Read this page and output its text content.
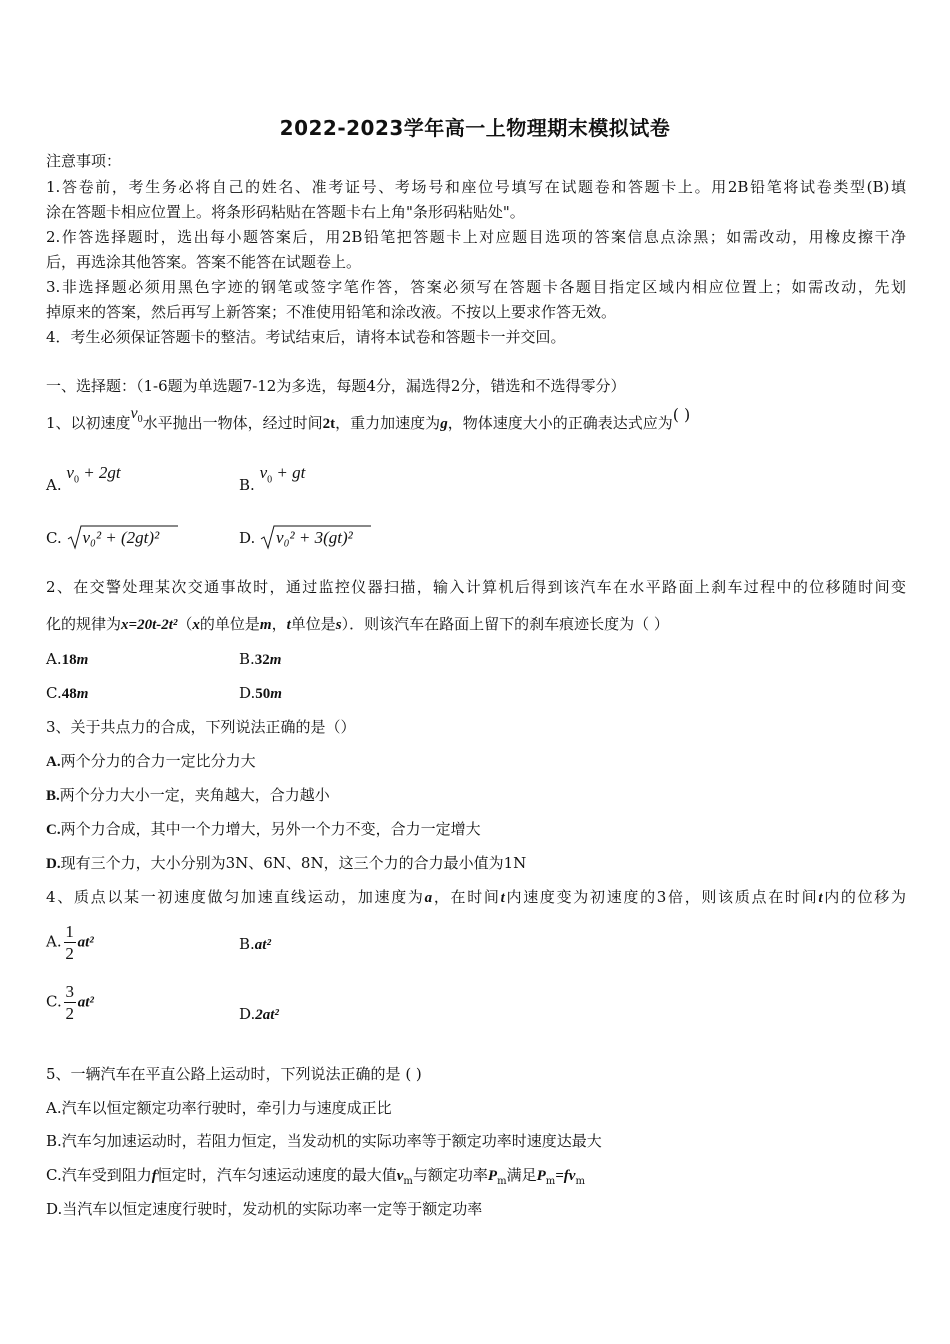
2022-2023学年高一上物理期末模拟试卷
注意事项：
1.答卷前，考生务必将自己的姓名、准考证号、考场号和座位号填写在试题卷和答题卡上。用2B铅笔将试卷类型(B)填
涂在答题卡相应位置上。将条形码粘贴在答题卡右上角"条形码粘贴处"。
2.作答选择题时，选出每小题答案后，用2B铅笔把答题卡上对应题目选项的答案信息点涂黑；如需改动，用橡皮擦干净
后，再选涂其他答案。答案不能答在试题卷上。
3.非选择题必须用黑色字迹的钢笔或签字笔作答，答案必须写在答题卡各题目指定区域内相应位置上；如需改动，先划
掉原来的答案，然后再写上新答案；不准使用铅笔和涂改液。不按以上要求作答无效。
4．考生必须保证答题卡的整洁。考试结束后，请将本试卷和答题卡一并交回。
一、选择题：（1-6题为单选题7-12为多选，每题4分，漏选得2分，错选和不选得零分）
1、以初速度$v_0$水平抛出一物体，经过时间2t，重力加速度为g，物体速度大小的正确表达式应为( )
A. $v_0 + 2gt$
B. $v_0$ + gt
C. v₀² + (2gt)²	D. v₀² + 3(gt)²
2、在交警处理某次交通事故时，通过监控仪器扫描，输入计算机后得到该汽车在水平路面上刹车过程中的位移随时间变
化的规律为x=20t-2t²（x的单位是m，t单位是s）．则该汽车在路面上留下的刹车痕迹长度为（ ）
A.18m	B.32m
C.48m	D.50m
3、关于共点力的合成，下列说法正确的是（）
A.两个分力的合力一定比分力大
B.两个分力大小一定，夹角越大，合力越小
C.两个力合成，其中一个力增大，另外一个力不变，合力一定增大
D.现有三个力，大小分别为3N、6N、8N，这三个力的合力最小值为1N
4、质点以某一初速度做匀加速直线运动，加速度为a，在时间t内速度变为初速度的3倍，则该质点在时间t内的位移为
A. $\frac{1}{2} at^2$	B.at²
C. $\frac{3}{2} at^2$
D.2at²
5、一辆汽车在平直公路上运动时，下列说法正确的是 ( )
A.汽车以恒定额定功率行驶时，牵引力与速度成正比
B.汽车匀加速运动时，若阻力恒定，当发动机的实际功率等于额定功率时速度达最大
C.汽车受到阻力f恒定时，汽车匀速运动速度的最大值$v_m$与额定功率$P_m$满足$P_m=fv_m$
D.当汽车以恒定速度行驶时，发动机的实际功率一定等于额定功率
